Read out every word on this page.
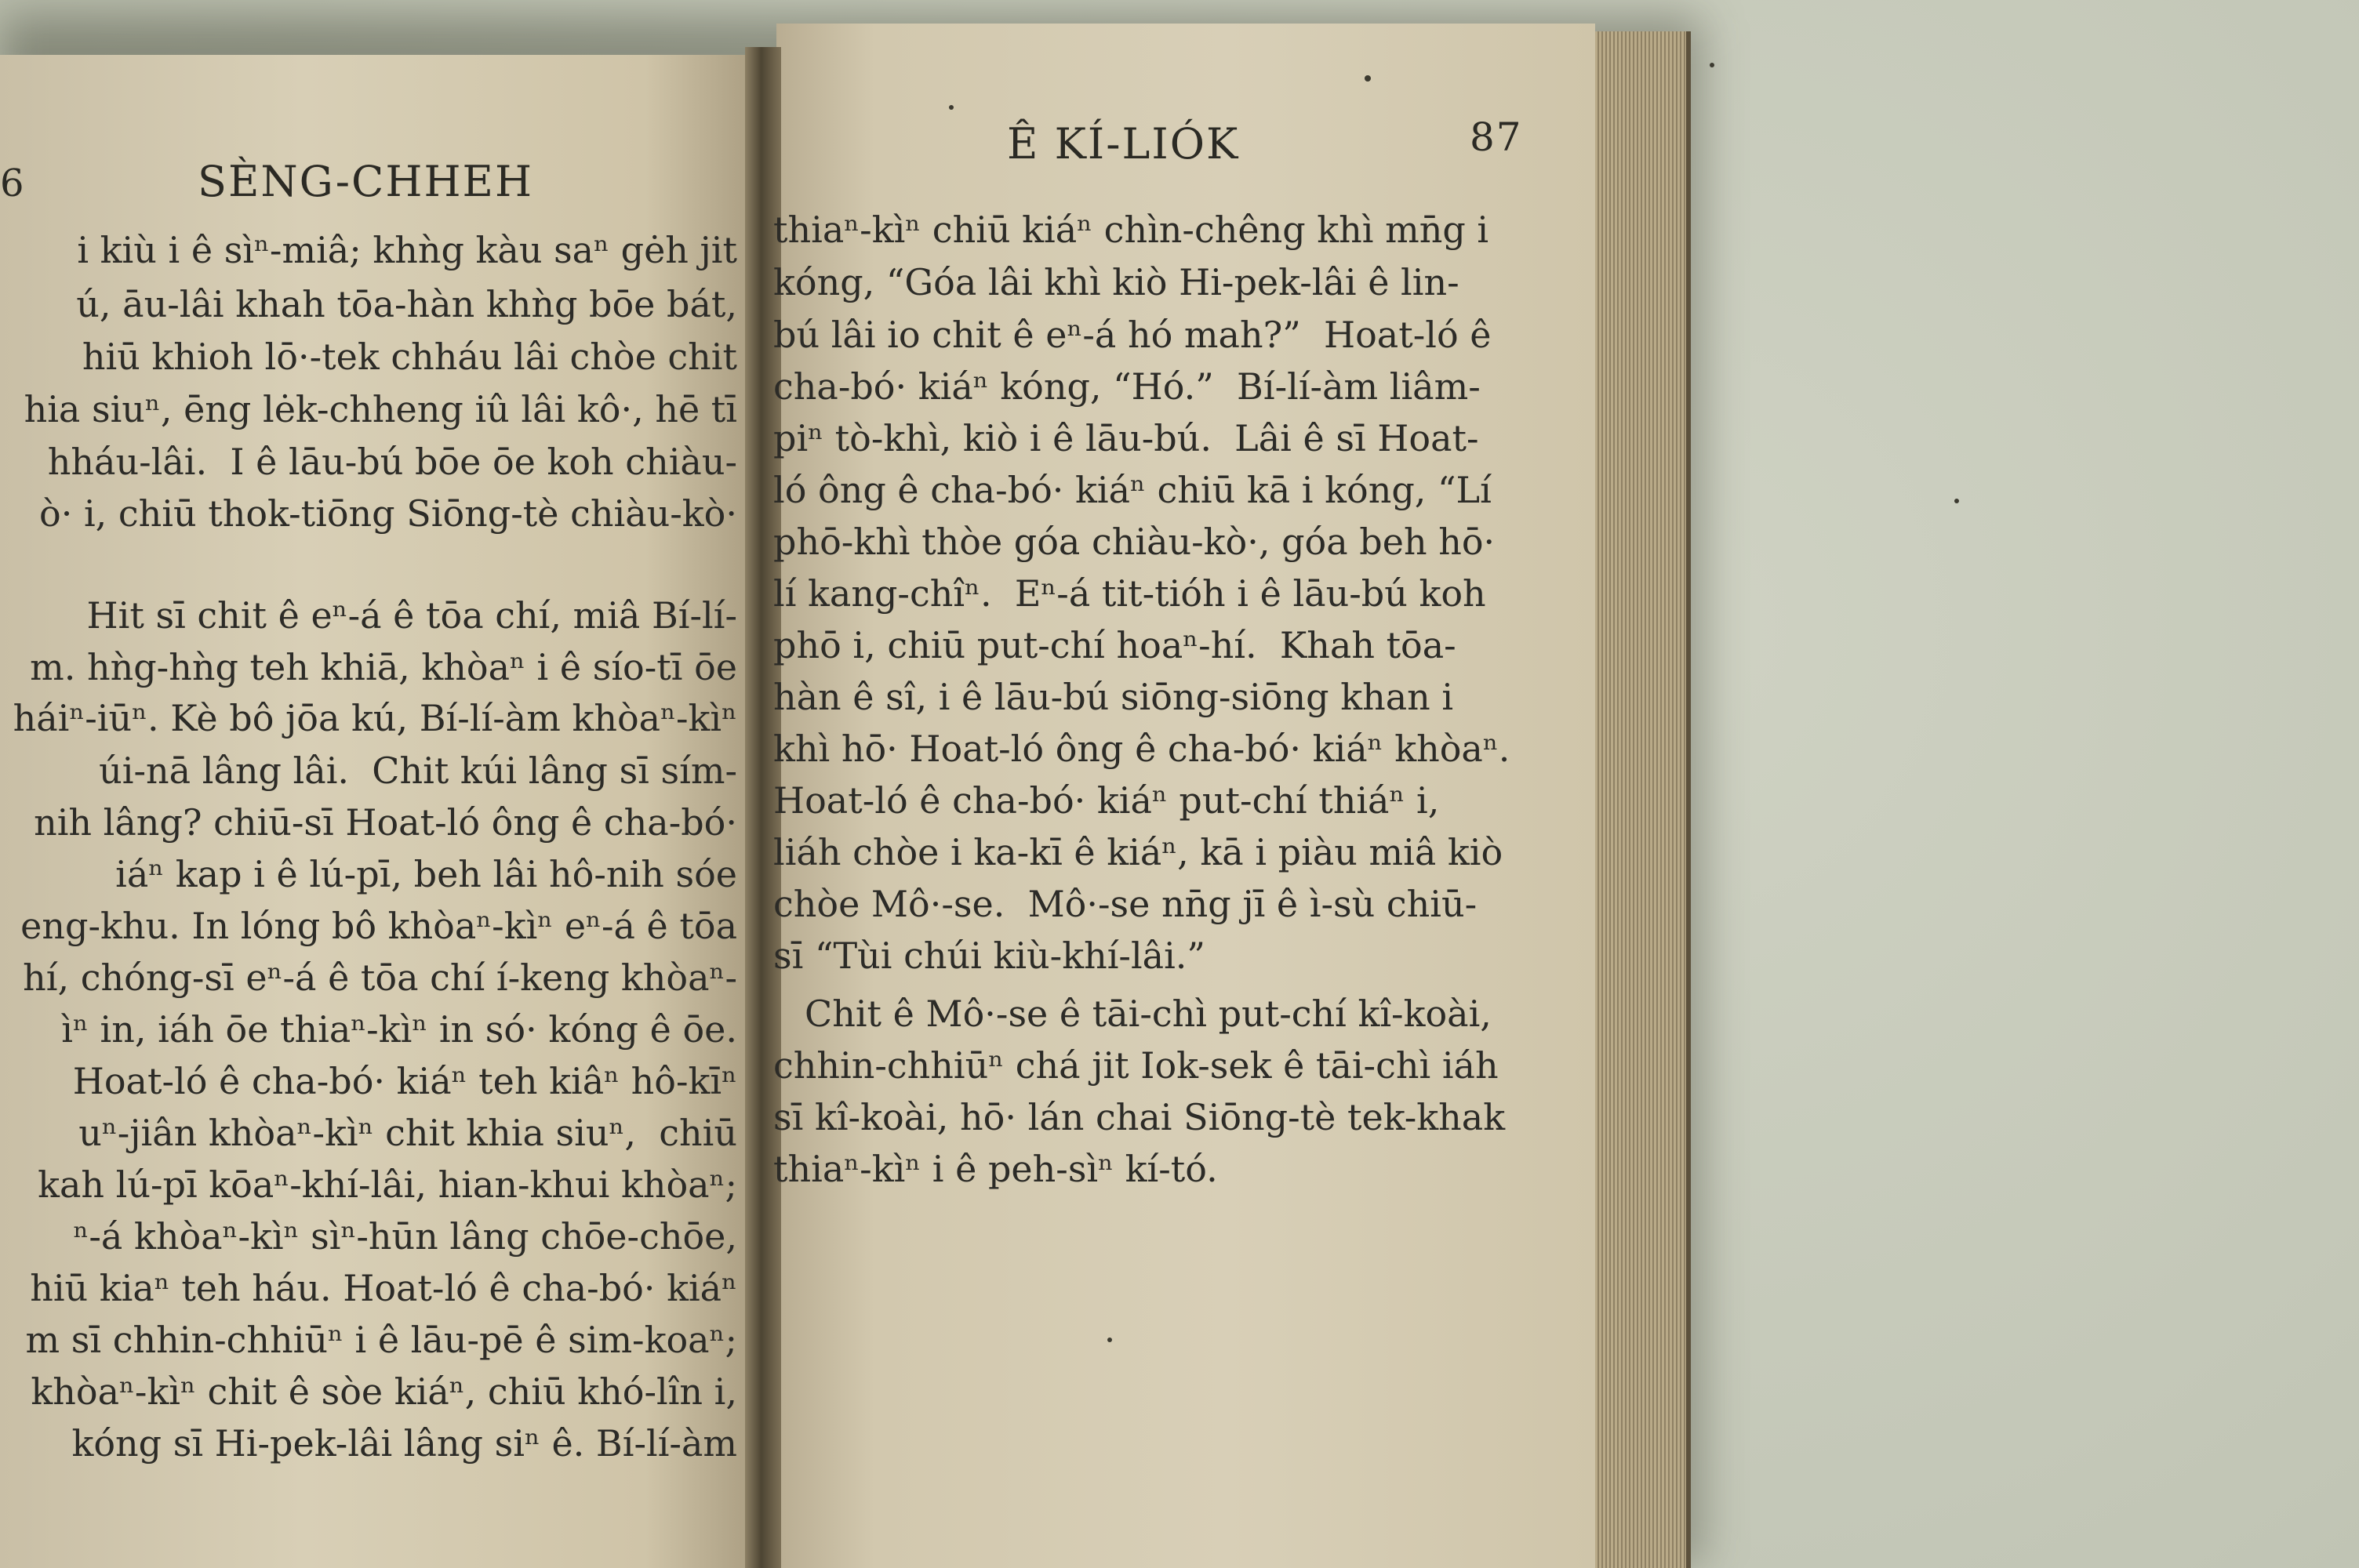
6	SÈNG-CHHEH
Ê KÍ-LIÓK	87
i kiù i ê sìⁿ-miâ; khǹg kàu saⁿ gėh jit
ú, āu-lâi khah tōa-hàn khǹg bōe bát,
hiū khioh lō·-tek chháu lâi chòe chit
hia siuⁿ, ēng lėk-chheng iû lâi kô·, hē tī
hháu-lâi.  I ê lāu-bú bōe ōe koh chiàu-
ò· i, chiū thok-tiōng Siōng-tè chiàu-kò·
Hit sī chit ê eⁿ-á ê tōa chí, miâ Bí-lí-
m. hǹg-hǹg teh khiā, khòaⁿ i ê sío-tī ōe
háiⁿ-iūⁿ. Kè bô jōa kú, Bí-lí-àm khòaⁿ-kìⁿ
úi-nā lâng lâi.  Chit kúi lâng sī sím-
nih lâng? chiū-sī Hoat-ló ông ê cha-bó·
iáⁿ kap i ê lú-pī, beh lâi hô-nih sóe
eng-khu. In lóng bô khòaⁿ-kìⁿ eⁿ-á ê tōa
hí, chóng-sī eⁿ-á ê tōa chí í-keng khòaⁿ-
ìⁿ in, iáh ōe thiaⁿ-kìⁿ in só· kóng ê ōe.
Hoat-ló ê cha-bó· kiáⁿ teh kiâⁿ hô-kīⁿ
uⁿ-jiân khòaⁿ-kìⁿ chit khia siuⁿ,  chiū
kah lú-pī kōaⁿ-khí-lâi, hian-khui khòaⁿ;
ⁿ-á khòaⁿ-kìⁿ sìⁿ-hūn lâng chōe-chōe,
hiū kiaⁿ teh háu. Hoat-ló ê cha-bó· kiáⁿ
m sī chhin-chhiūⁿ i ê lāu-pē ê sim-koaⁿ;
khòaⁿ-kìⁿ chit ê sòe kiáⁿ, chiū khó-lîn i,
kóng sī Hi-pek-lâi lâng siⁿ ê. Bí-lí-àm
thiaⁿ-kìⁿ chiū kiáⁿ chìn-chêng khì mn̄g i
kóng, “Góa lâi khì kiò Hi-pek-lâi ê lin-
bú lâi io chit ê eⁿ-á hó mah?”  Hoat-ló ê
cha-bó· kiáⁿ kóng, “Hó.”  Bí-lí-àm liâm-
piⁿ tò-khì, kiò i ê lāu-bú.  Lâi ê sī Hoat-
ló ông ê cha-bó· kiáⁿ chiū kā i kóng, “Lí
phō-khì thòe góa chiàu-kò·, góa beh hō·
lí kang-chîⁿ.  Eⁿ-á tit-tióh i ê lāu-bú koh
phō i, chiū put-chí hoaⁿ-hí.  Khah tōa-
hàn ê sî, i ê lāu-bú siōng-siōng khan i
khì hō· Hoat-ló ông ê cha-bó· kiáⁿ khòaⁿ.
Hoat-ló ê cha-bó· kiáⁿ put-chí thiáⁿ i,
liáh chòe i ka-kī ê kiáⁿ, kā i piàu miâ kiò
chòe Mô·-se.  Mô·-se nn̄g jī ê ì-sù chiū-
sī “Tùi chúi kiù-khí-lâi.”
Chit ê Mô·-se ê tāi-chì put-chí kî-koài,
chhin-chhiūⁿ chá jit Iok-sek ê tāi-chì iáh
sī kî-koài, hō· lán chai Siōng-tè tek-khak
thiaⁿ-kìⁿ i ê peh-sìⁿ kí-tó.
